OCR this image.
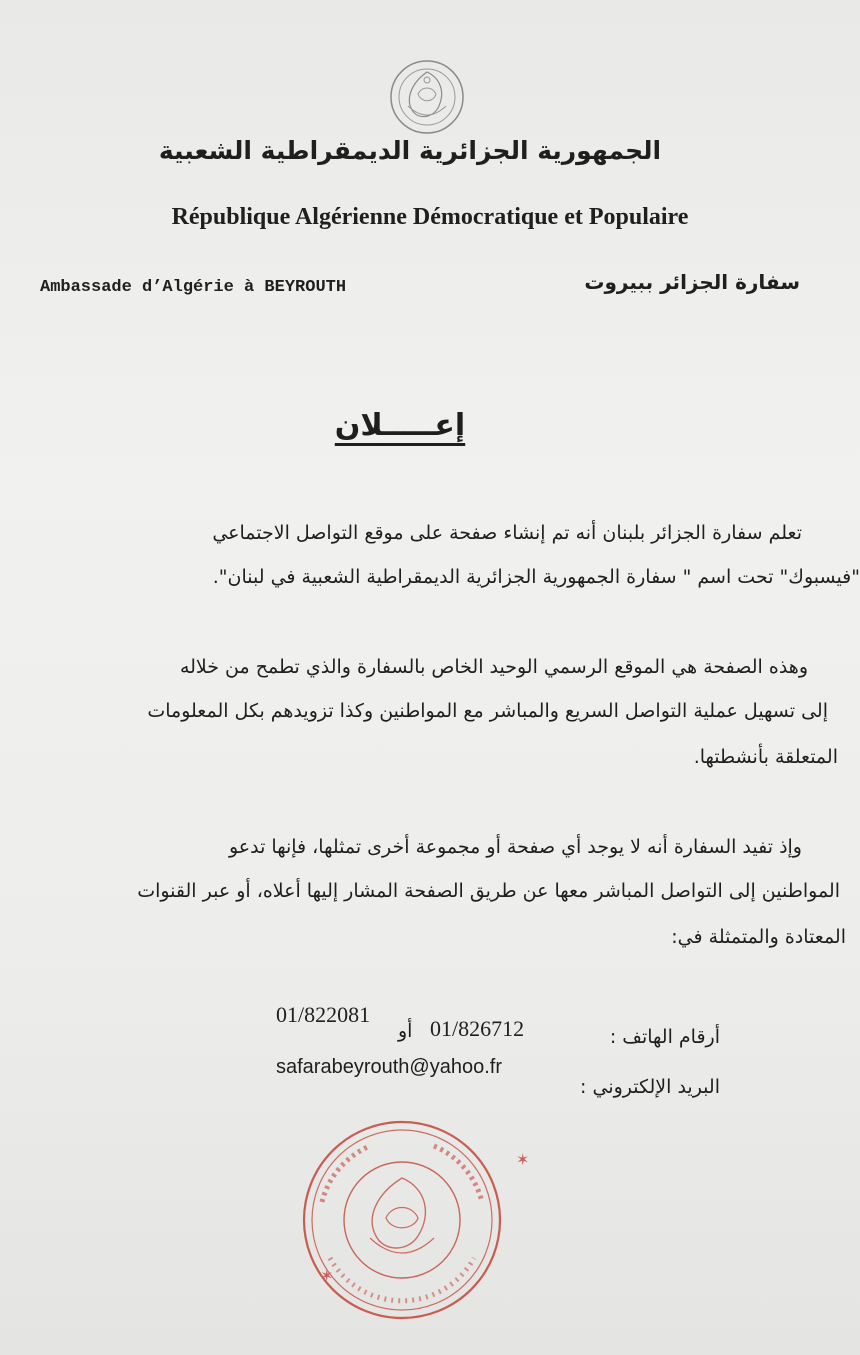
الجمهورية الجزائرية الديمقراطية الشعبية
République Algérienne Démocratique et Populaire
Ambassade d’Algérie à BEYROUTH	سفارة الجزائر ببيروت
إعـــــلان
تعلم سفارة الجزائر بلبنان أنه تم إنشاء صفحة على موقع التواصل الاجتماعي
"فيسبوك" تحت اسم " سفارة الجمهورية الجزائرية الديمقراطية الشعبية في لبنان".
وهذه الصفحة هي الموقع الرسمي الوحيد الخاص بالسفارة والذي تطمح من خلاله
إلى تسهيل عملية التواصل السريع والمباشر مع المواطنين وكذا تزويدهم بكل المعلومات
المتعلقة بأنشطتها.
وإذ تفيد السفارة أنه لا يوجد أي صفحة أو مجموعة أخرى تمثلها، فإنها تدعو
المواطنين إلى التواصل المباشر معها عن طريق الصفحة المشار إليها أعلاه، أو عبر القنوات
المعتادة والمتمثلة في:
أرقام الهاتف :
01/826712
أو
01/822081
البريد الإلكتروني :
safarabeyrouth@yahoo.fr
✶
✶
